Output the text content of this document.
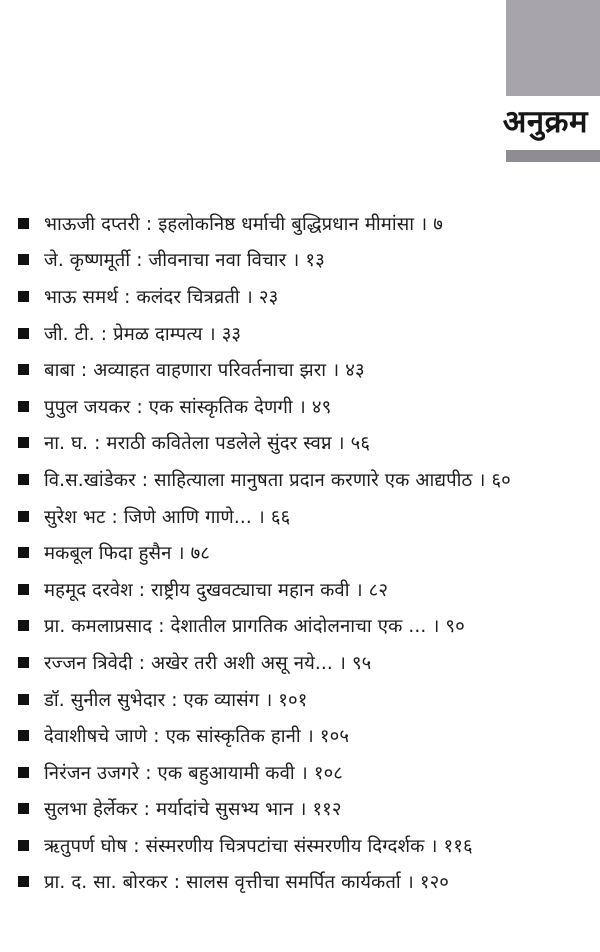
अनुक्रम
भाऊजी दप्तरी : इहलोकनिष्ठ धर्माची बुद्धिप्रधान मीमांसा । ७
जे. कृष्णमूर्ती : जीवनाचा नवा विचार । १३
भाऊ समर्थ : कलंदर चित्रव्रती । २३
जी. टी. : प्रेमळ दाम्पत्य । ३३
बाबा : अव्याहत वाहणारा परिवर्तनाचा झरा । ४३
पुपुल जयकर : एक सांस्कृतिक देणगी । ४९
ना. घ. : मराठी कवितेला पडलेले सुंदर स्वप्न । ५६
वि.स.खांडेकर : साहित्याला मानुषता प्रदान करणारे एक आद्यपीठ । ६०
सुरेश भट : जिणे आणि गाणे... । ६६
मकबूल फिदा हुसैन । ७८
महमूद दरवेश : राष्ट्रीय दुखवट्याचा महान कवी । ८२
प्रा. कमलाप्रसाद : देशातील प्रागतिक आंदोलनाचा एक ... । ९०
रज्जन त्रिवेदी : अखेर तरी अशी असू नये... । ९५
डॉ. सुनील सुभेदार : एक व्यासंग । १०१
देवाशीषचे जाणे : एक सांस्कृतिक हानी । १०५
निरंजन उजगरे : एक बहुआयामी कवी । १०८
सुलभा हेर्लेकर : मर्यादांचे सुसभ्य भान । ११२
ऋतुपर्ण घोष : संस्मरणीय चित्रपटांचा संस्मरणीय दिग्दर्शक । ११६
प्रा. द. सा. बोरकर : सालस वृत्तीचा समर्पित कार्यकर्ता । १२०
